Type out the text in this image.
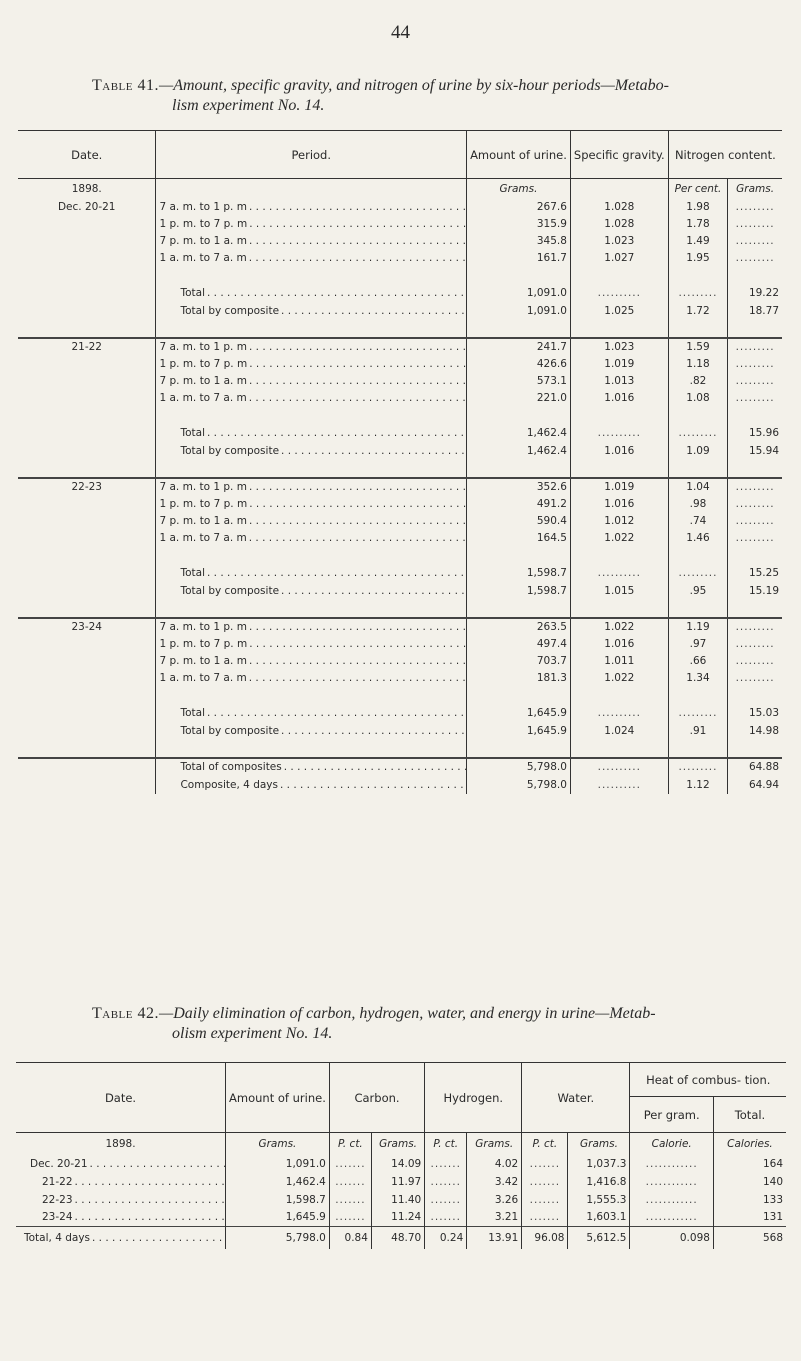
44
Table 41.—Amount, specific gravity, and nitrogen of urine by six-hour periods—Metabo-
lism experiment No. 14.
Date.	Period.	Amount of urine.	Specific gravity.	Nitrogen content.	
1898.		Grams.		Per cent.	Grams.
Dec. 20-21	7 a. m. to 1 p. m . . .	267.6	1.028	1.98	.........
	1 p. m. to 7 p. m . . .	315.9	1.028	1.78	.........
	7 p. m. to 1 a. m . . .	345.8	1.023	1.49	.........
	1 a. m. to 7 a. m . . .	161.7	1.027	1.95	.........

	Total . . .	1,091.0	..........	.........	19.22
	Total by composite . . .	1,091.0	1.025	1.72	18.77

21-22	7 a. m. to 1 p. m . . .	241.7	1.023	1.59	.........
	1 p. m. to 7 p. m . . .	426.6	1.019	1.18	.........
	7 p. m. to 1 a. m . . .	573.1	1.013	.82	.........
	1 a. m. to 7 a. m . . .	221.0	1.016	1.08	.........

	Total . . .	1,462.4	..........	.........	15.96
	Total by composite . . .	1,462.4	1.016	1.09	15.94

22-23	7 a. m. to 1 p. m . . .	352.6	1.019	1.04	.........
	1 p. m. to 7 p. m . . .	491.2	1.016	.98	.........
	7 p. m. to 1 a. m . . .	590.4	1.012	.74	.........
	1 a. m. to 7 a. m . . .	164.5	1.022	1.46	.........

	Total . . .	1,598.7	..........	.........	15.25
	Total by composite . . .	1,598.7	1.015	.95	15.19

23-24	7 a. m. to 1 p. m . . .	263.5	1.022	1.19	.........
	1 p. m. to 7 p. m . . .	497.4	1.016	.97	.........
	7 p. m. to 1 a. m . . .	703.7	1.011	.66	.........
	1 a. m. to 7 a. m . . .	181.3	1.022	1.34	.........

	Total . . .	1,645.9	..........	.........	15.03
	Total by composite . . .	1,645.9	1.024	.91	14.98

	Total of composites . . .	5,798.0	..........	.........	64.88
	Composite, 4 days . . .	5,798.0	..........	1.12	64.94
Table 42.—Daily elimination of carbon, hydrogen, water, and energy in urine—Metab-
olism experiment No. 14.
Date.	Amount of urine.	Carbon.		Hydrogen.		Water.		Heat of combus- tion.	
								Per gram.	Total.
1898.	Grams.	P. ct.	Grams.	P. ct.	Grams.	P. ct.	Grams.	Calorie.	Calories.
Dec. 20-21 . . .	1,091.0	.......	14.09	.......	4.02	.......	1,037.3	............	164
21-22 . . .	1,462.4	.......	11.97	.......	3.42	.......	1,416.8	............	140
22-23 . . .	1,598.7	.......	11.40	.......	3.26	.......	1,555.3	............	133
23-24 . . .	1,645.9	.......	11.24	.......	3.21	.......	1,603.1	............	131
Total, 4 days . . .	5,798.0	0.84	48.70	0.24	13.91	96.08	5,612.5	0.098	568
